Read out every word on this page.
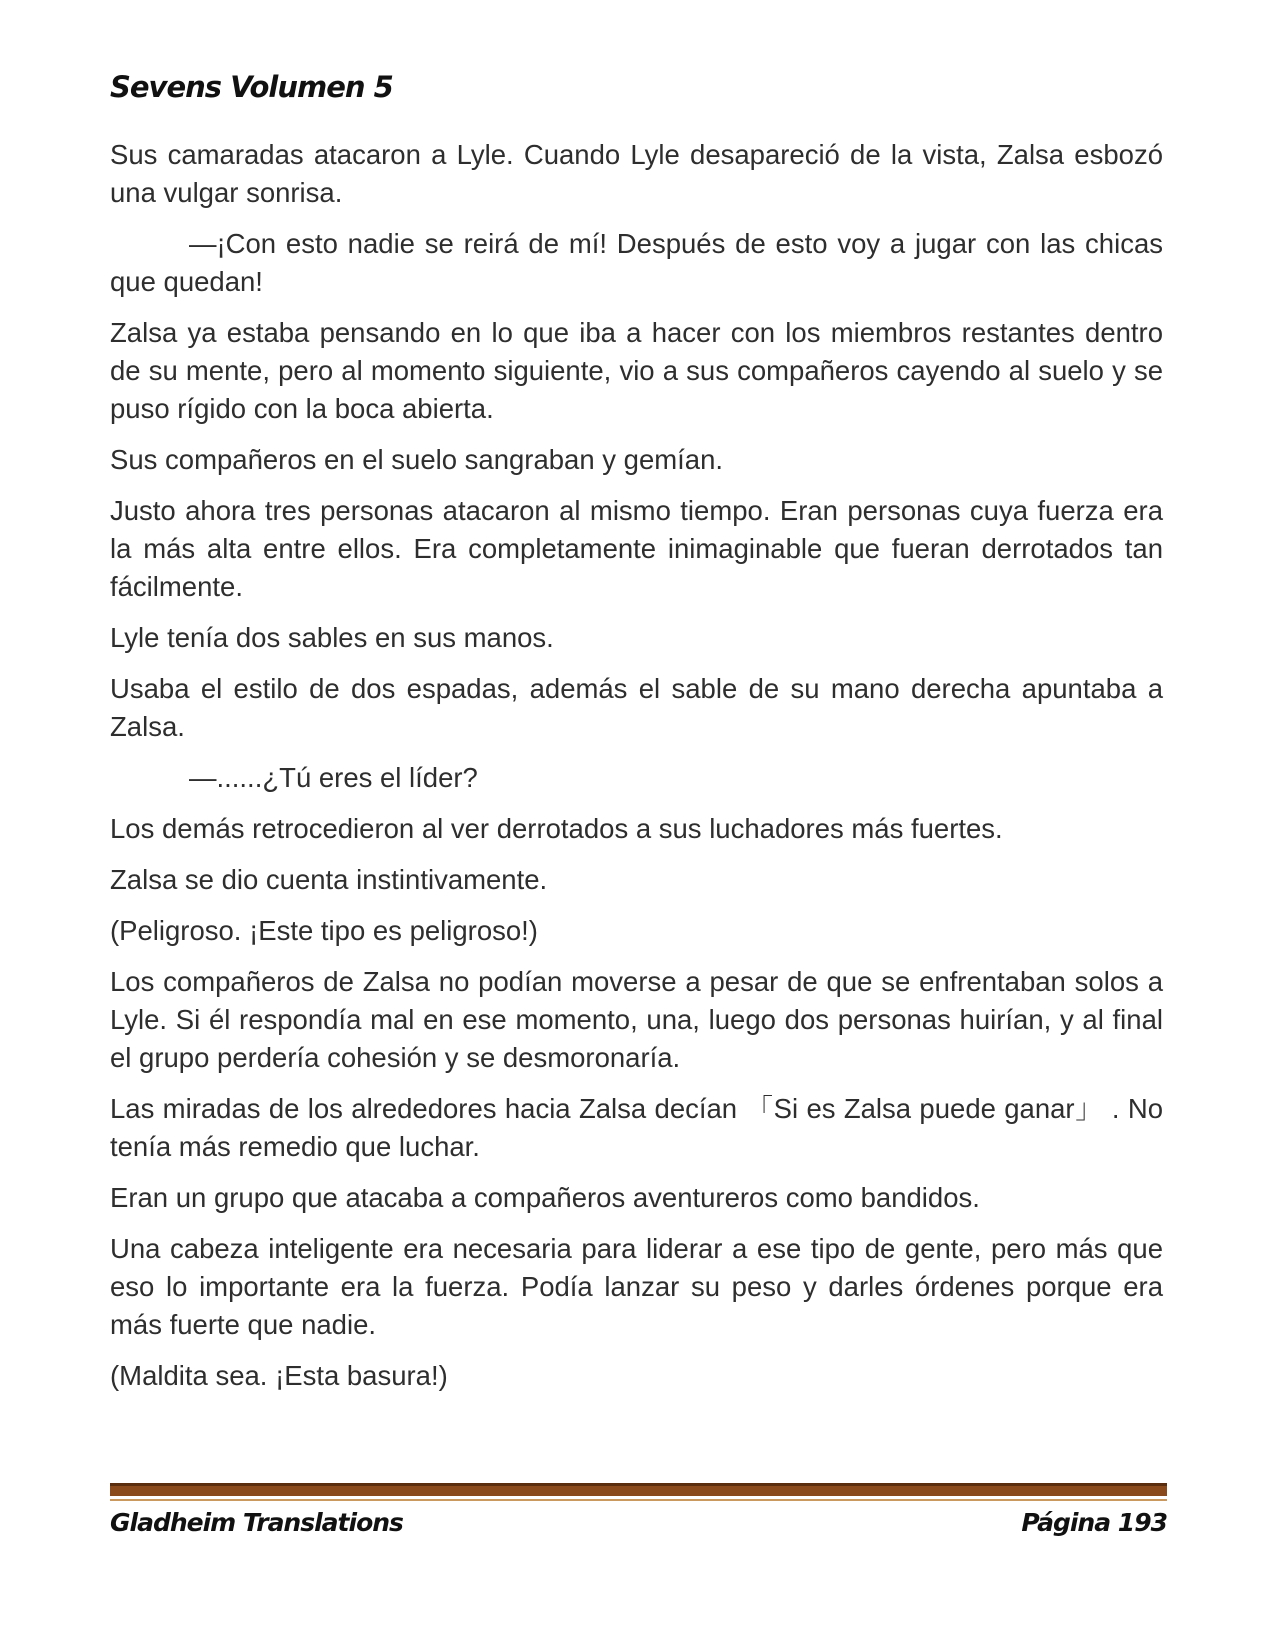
Sevens Volumen 5

Sus camaradas atacaron a Lyle. Cuando Lyle desapareció de la vista, Zalsa esbozó una vulgar sonrisa.

—¡Con esto nadie se reirá de mí! Después de esto voy a jugar con las chicas que quedan!

Zalsa ya estaba pensando en lo que iba a hacer con los miembros restantes dentro de su mente, pero al momento siguiente, vio a sus compañeros cayendo al suelo y se puso rígido con la boca abierta.

Sus compañeros en el suelo sangraban y gemían.

Justo ahora tres personas atacaron al mismo tiempo. Eran personas cuya fuerza era la más alta entre ellos. Era completamente inimaginable que fueran derrotados tan fácilmente.

Lyle tenía dos sables en sus manos.

Usaba el estilo de dos espadas, además el sable de su mano derecha apuntaba a Zalsa.

—......¿Tú eres el líder?

Los demás retrocedieron al ver derrotados a sus luchadores más fuertes.

Zalsa se dio cuenta instintivamente.

(Peligroso. ¡Este tipo es peligroso!)

Los compañeros de Zalsa no podían moverse a pesar de que se enfrentaban solos a Lyle. Si él respondía mal en ese momento, una, luego dos personas huirían, y al final el grupo perdería cohesión y se desmoronaría.

Las miradas de los alrededores hacia Zalsa decían 「Si es Zalsa puede ganar」 . No tenía más remedio que luchar.

Eran un grupo que atacaba a compañeros aventureros como bandidos.

Una cabeza inteligente era necesaria para liderar a ese tipo de gente, pero más que eso lo importante era la fuerza. Podía lanzar su peso y darles órdenes porque era más fuerte que nadie.

(Maldita sea. ¡Esta basura!)

Gladheim Translations	Página 193
